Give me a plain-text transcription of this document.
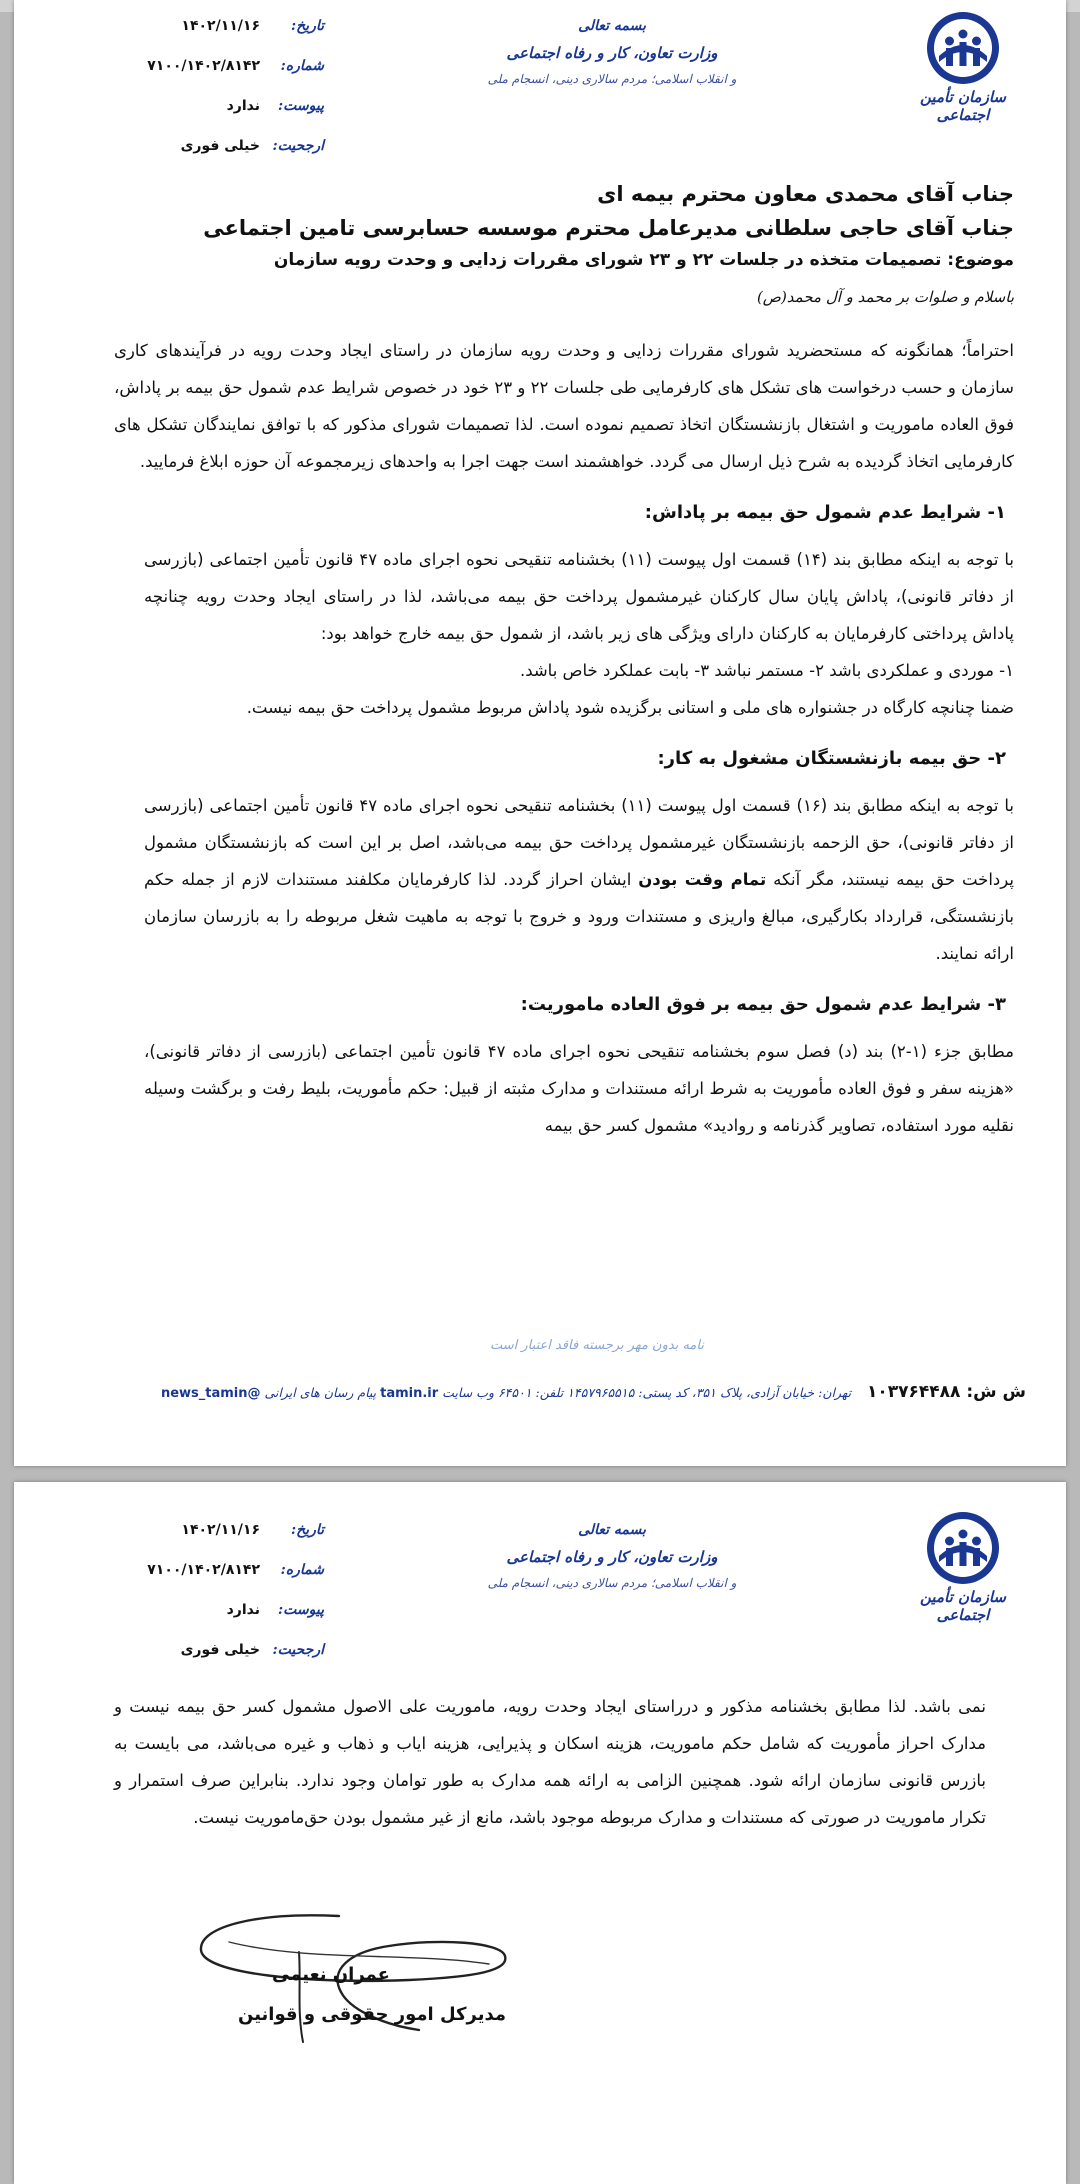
سازمان تأمین اجتماعی
بسمه تعالی
وزارت تعاون، کار و رفاه اجتماعی
و انقلاب اسلامی؛ مردم سالاری دینی، انسجام ملی
تاریخ:
۱۴۰۲/۱۱/۱۶
شماره:
۷۱۰۰/۱۴۰۲/۸۱۴۲
پیوست:
ندارد
ارجحیت:
خیلی فوری
جناب آقای محمدی معاون محترم بیمه ای
جناب آقای حاجی سلطانی مدیرعامل محترم موسسه حسابرسی تامین اجتماعی
موضوع: تصمیمات متخذه در جلسات ۲۲ و ۲۳ شورای مقررات زدایی و وحدت رویه سازمان
باسلام و صلوات بر محمد و آل محمد(ص)

احتراماً؛ همانگونه که مستحضرید شورای مقررات زدایی و وحدت رویه سازمان در راستای ایجاد وحدت رویه در فرآیندهای کاری سازمان و حسب درخواست های تشکل های کارفرمایی طی جلسات ۲۲ و ۲۳ خود در خصوص شرایط عدم شمول حق بیمه بر پاداش، فوق العاده ماموریت و اشتغال بازنشستگان اتخاذ تصمیم نموده است. لذا تصمیمات شورای مذکور که با توافق نمایندگان تشکل های کارفرمایی اتخاذ گردیده به شرح ذیل ارسال می گردد. خواهشمند است جهت اجرا به واحدهای زیرمجموعه آن حوزه ابلاغ فرمایید.

۱- شرایط عدم شمول حق بیمه بر پاداش:

با توجه به اینکه مطابق بند (۱۴) قسمت اول پیوست (۱۱) بخشنامه تنقیحی نحوه اجرای ماده ۴۷ قانون تأمین اجتماعی (بازرسی از دفاتر قانونی)، پاداش پایان سال کارکنان غیرمشمول پرداخت حق بیمه می‌باشد، لذا در راستای ایجاد وحدت رویه چنانچه پاداش پرداختی کارفرمایان به کارکنان دارای ویژگی های زیر باشد، از شمول حق بیمه خارج خواهد بود:

۱- موردی و عملکردی باشد ۲- مستمر نباشد ۳- بابت عملکرد خاص باشد.

ضمنا چنانچه کارگاه در جشنواره های ملی و استانی برگزیده شود پاداش مربوط مشمول پرداخت حق بیمه نیست.

۲- حق بیمه بازنشستگان مشغول به کار:

با توجه به اینکه مطابق بند (۱۶) قسمت اول پیوست (۱۱) بخشنامه تنقیحی نحوه اجرای ماده ۴۷ قانون تأمین اجتماعی (بازرسی از دفاتر قانونی)، حق الزحمه بازنشستگان غیرمشمول پرداخت حق بیمه می‌باشد، اصل بر این است که بازنشستگان مشمول پرداخت حق بیمه نیستند، مگر آنکه تمام وقت بودن ایشان احراز گردد. لذا کارفرمایان مکلفند مستندات لازم از جمله حکم بازنشستگی، قرارداد بکارگیری، مبالغ واریزی و مستندات ورود و خروج با توجه به ماهیت شغل مربوطه را به بازرسان سازمان ارائه نمایند.

۳- شرایط عدم شمول حق بیمه بر فوق العاده ماموریت:

مطابق جزء (۱-۲) بند (د) فصل سوم بخشنامه تنقیحی نحوه اجرای ماده ۴۷ قانون تأمین اجتماعی (بازرسی از دفاتر قانونی)، «هزینه سفر و فوق العاده مأموریت به شرط ارائه مستندات و مدارک مثبته از قبیل: حکم مأموریت، بلیط رفت و برگشت وسیله نقلیه مورد استفاده، تصاویر گذرنامه و روادید» مشمول کسر حق بیمه

نامه بدون مهر برجسته فاقد اعتبار است
ش ش: ۱۰۳۷۶۴۴۸۸    تهران: خیابان آزادی، پلاک ۳۵۱، کد پستی: ۱۴۵۷۹۶۵۵۱۵ تلفن: ۶۴۵۰۱ وب سایت tamin.ir پیام رسان های ایرانی @news_tamin
سازمان تأمین اجتماعی
بسمه تعالی
وزارت تعاون، کار و رفاه اجتماعی
و انقلاب اسلامی؛ مردم سالاری دینی، انسجام ملی
تاریخ:
۱۴۰۲/۱۱/۱۶
شماره:
۷۱۰۰/۱۴۰۲/۸۱۴۲
پیوست:
ندارد
ارجحیت:
خیلی فوری

نمی باشد. لذا مطابق بخشنامه مذکور و درراستای ایجاد وحدت رویه، ماموریت علی الاصول مشمول کسر حق بیمه نیست و مدارک احراز مأموریت که شامل حکم ماموریت، هزینه اسکان و پذیرایی، هزینه ایاب و ذهاب و غیره می‌باشد، می بایست به بازرس قانونی سازمان ارائه شود. همچنین الزامی به ارائه همه مدارک به طور توامان وجود ندارد. بنابراین صرف استمرار و تکرار ماموریت در صورتی که مستندات و مدارک مربوطه موجود باشد، مانع از غیر مشمول بودن حق‌ماموریت نیست.

عمران نعیمی
مدیرکل امور حقوقی و قوانین
